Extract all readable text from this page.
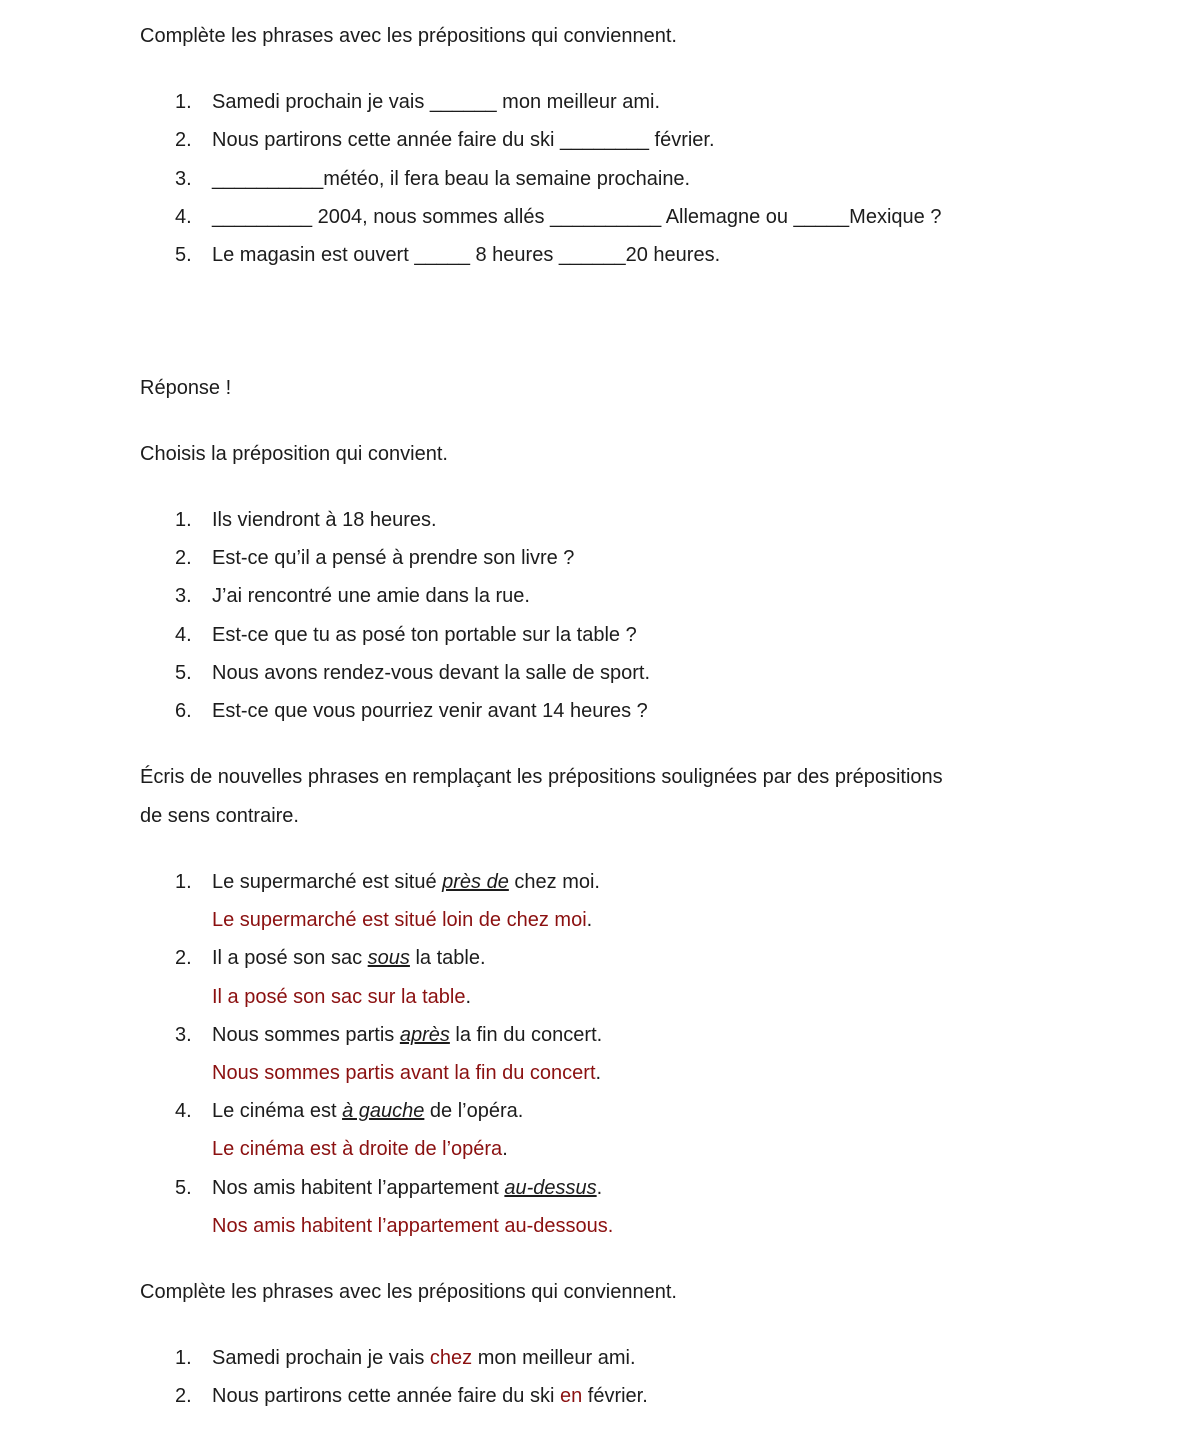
Complète les phrases avec les prépositions qui conviennent.
1. Samedi prochain je vais ______ mon meilleur ami.
2. Nous partirons cette année faire du ski ________ février.
3. __________météo, il fera beau la semaine prochaine.
4. _________ 2004, nous sommes allés __________ Allemagne ou _____Mexique ?
5. Le magasin est ouvert _____ 8 heures ______20 heures.
Réponse !
Choisis la préposition qui convient.
1. Ils viendront à 18 heures.
2. Est-ce qu’il a pensé à prendre son livre ?
3. J’ai rencontré une amie dans la rue.
4. Est-ce que tu as posé ton portable sur la table ?
5. Nous avons rendez-vous devant la salle de sport.
6. Est-ce que vous pourriez venir avant 14 heures ?
Écris de nouvelles phrases en remplaçant les prépositions soulignées par des prépositions
de sens contraire.
1. Le supermarché est situé près de chez moi.
Le supermarché est situé loin de chez moi.
2. Il a posé son sac sous la table.
Il a posé son sac sur la table.
3. Nous sommes partis après la fin du concert.
Nous sommes partis avant la fin du concert.
4. Le cinéma est à gauche de l’opéra.
Le cinéma est à droite de l’opéra.
5. Nos amis habitent l’appartement au-dessus.
Nos amis habitent l’appartement au-dessous.
Complète les phrases avec les prépositions qui conviennent.
1. Samedi prochain je vais chez mon meilleur ami.
2. Nous partirons cette année faire du ski en février.
